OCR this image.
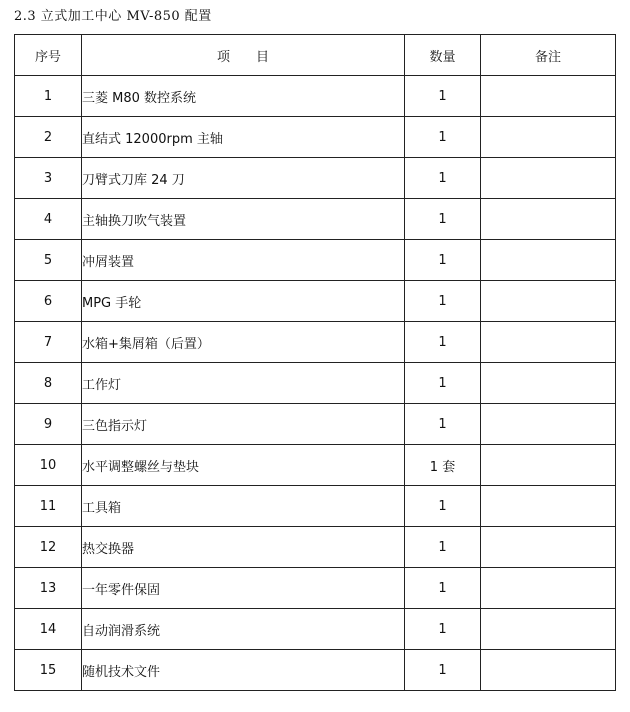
2.3 立式加工中心 MV-850 配置
序号	项　　目	数量	备注
1	三菱 M80 数控系统	1	
2	直结式 12000rpm 主轴	1	
3	刀臂式刀库 24 刀	1	
4	主轴换刀吹气装置	1	
5	冲屑装置	1	
6	MPG 手轮	1	
7	水箱+集屑箱（后置）	1	
8	工作灯	1	
9	三色指示灯	1	
10	水平调整螺丝与垫块	1 套	
11	工具箱	1	
12	热交换器	1	
13	一年零件保固	1	
14	自动润滑系统	1	
15	随机技术文件	1	
